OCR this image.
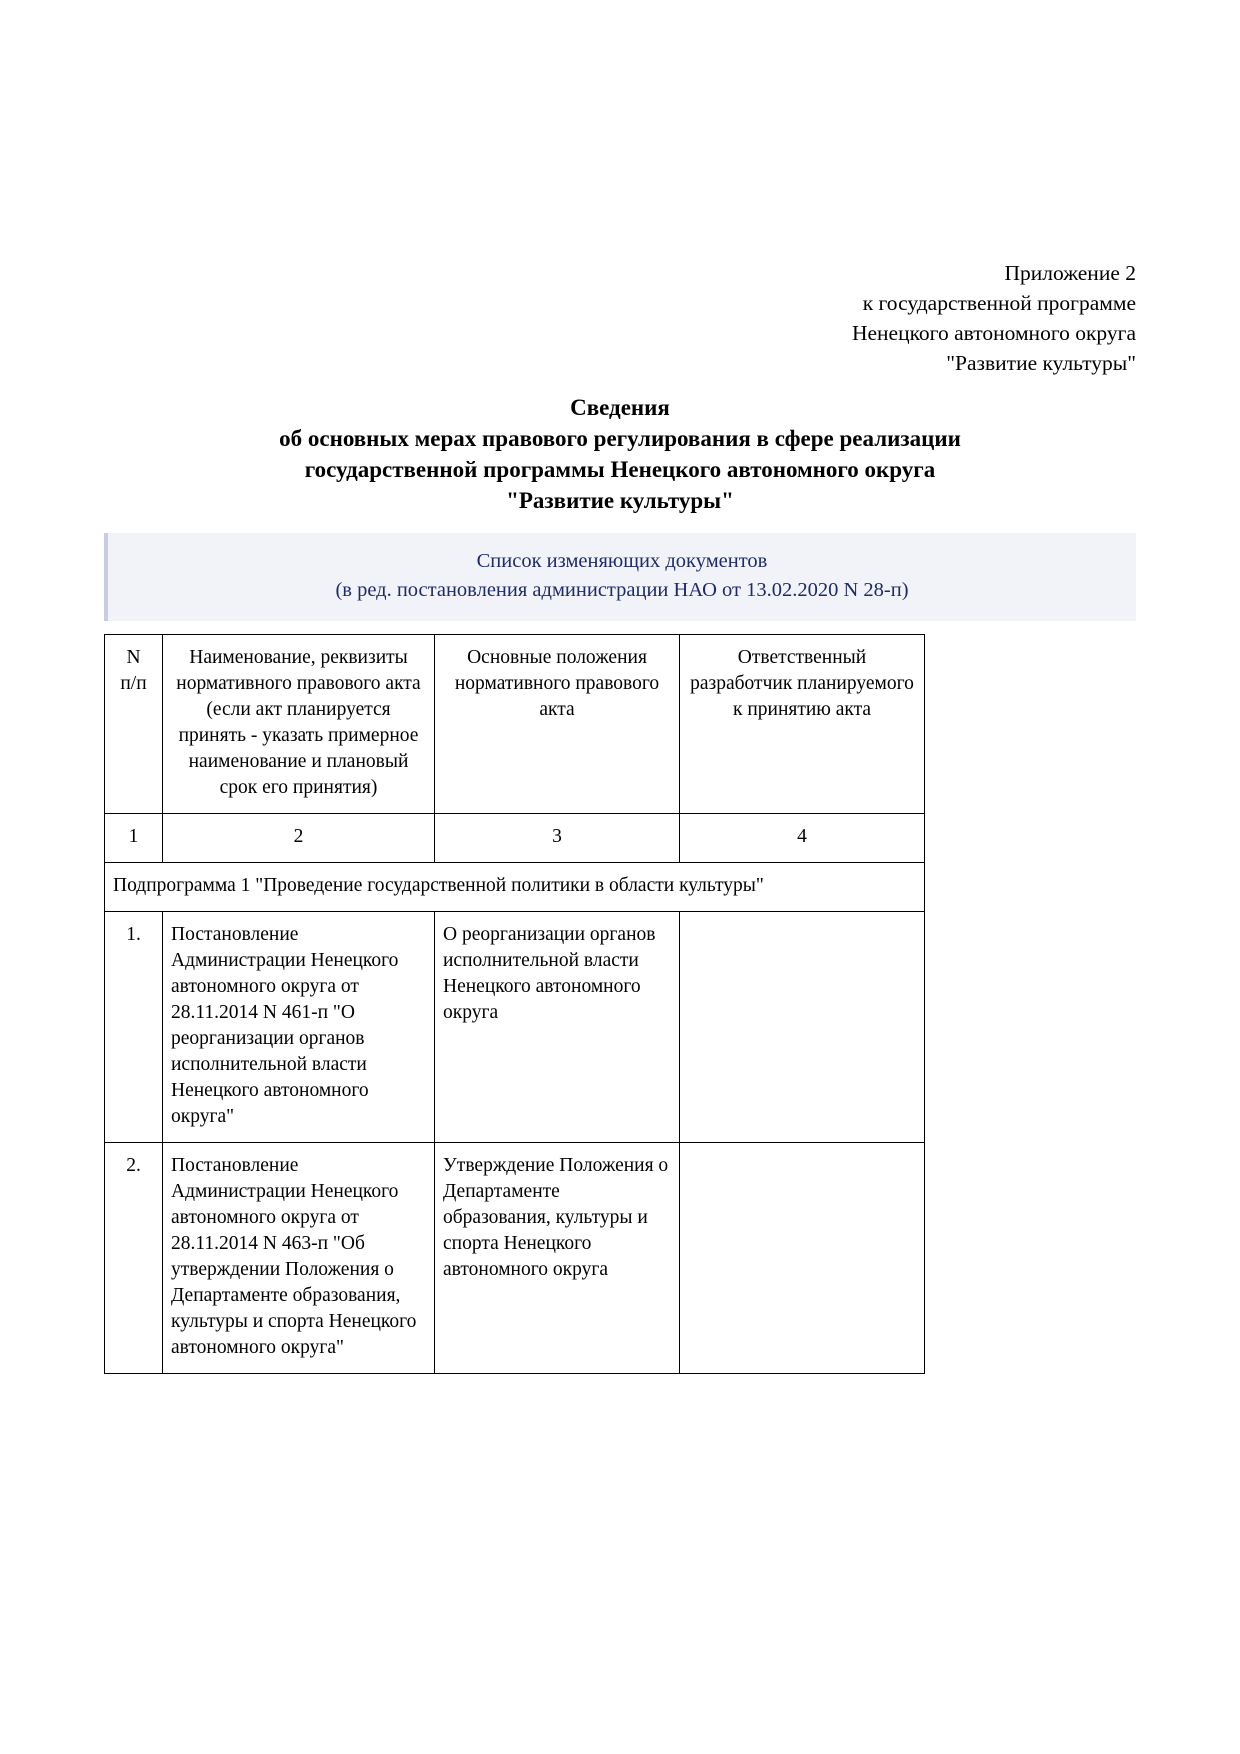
Приложение 2
к государственной программе
Ненецкого автономного округа
"Развитие культуры"
Сведения
об основных мерах правового регулирования в сфере реализации
государственной программы Ненецкого автономного округа
"Развитие культуры"
Список изменяющих документов
(в ред. постановления администрации НАО от 13.02.2020 N 28-п)
N
п/п	Наименование, реквизиты нормативного правового акта (если акт планируется принять - указать примерное наименование и плановый срок его принятия)	Основные положения нормативного правового акта	Ответственный разработчик планируемого к принятию акта
1	2	3	4
Подпрограмма 1 "Проведение государственной политики в области культуры"			
1.	Постановление Администрации Ненецкого автономного округа от 28.11.2014 N 461-п "О реорганизации органов исполнительной власти Ненецкого автономного округа"	О реорганизации органов исполнительной власти Ненецкого автономного округа	
2.	Постановление Администрации Ненецкого автономного округа от 28.11.2014 N 463-п "Об утверждении Положения о Департаменте образования, культуры и спорта Ненецкого автономного округа"	Утверждение Положения о Департаменте образования, культуры и спорта Ненецкого автономного округа	
